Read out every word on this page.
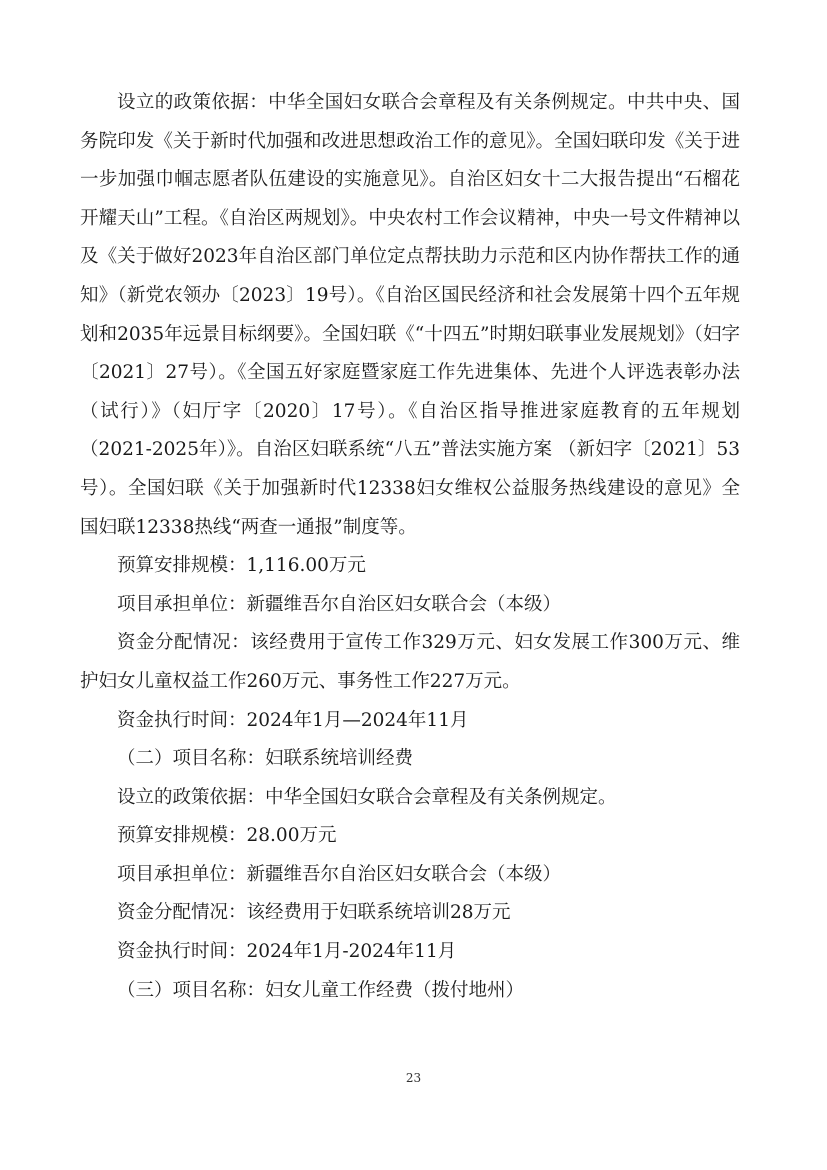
设立的政策依据：中华全国妇女联合会章程及有关条例规定。中共中央、国务院印发《关于新时代加强和改进思想政治工作的意见》。全国妇联印发《关于进一步加强巾帼志愿者队伍建设的实施意见》。自治区妇女十二大报告提出“石榴花开耀天山”工程。《自治区两规划》。中央农村工作会议精神，中央一号文件精神以及《关于做好2023年自治区部门单位定点帮扶助力示范和区内协作帮扶工作的通知》（新党农领办〔2023〕19号）。《自治区国民经济和社会发展第十四个五年规划和2035年远景目标纲要》。全国妇联《“十四五”时期妇联事业发展规划》（妇字〔2021〕27号）。《全国五好家庭暨家庭工作先进集体、先进个人评选表彰办法（试行）》（妇厅字〔2020〕17号）。《自治区指导推进家庭教育的五年规划（2021-2025年）》。自治区妇联系统“八五”普法实施方案 （新妇字〔2021〕53号）。全国妇联《关于加强新时代12338妇女维权公益服务热线建设的意见》全国妇联12338热线“两查一通报”制度等。

预算安排规模：1,116.00万元

项目承担单位：新疆维吾尔自治区妇女联合会（本级）

资金分配情况：该经费用于宣传工作329万元、妇女发展工作300万元、维护妇女儿童权益工作260万元、事务性工作227万元。

资金执行时间：2024年1月—2024年11月

（二）项目名称：妇联系统培训经费

设立的政策依据：中华全国妇女联合会章程及有关条例规定。

预算安排规模：28.00万元

项目承担单位：新疆维吾尔自治区妇女联合会（本级）

资金分配情况：该经费用于妇联系统培训28万元

资金执行时间：2024年1月-2024年11月

（三）项目名称：妇女儿童工作经费（拨付地州）

23
